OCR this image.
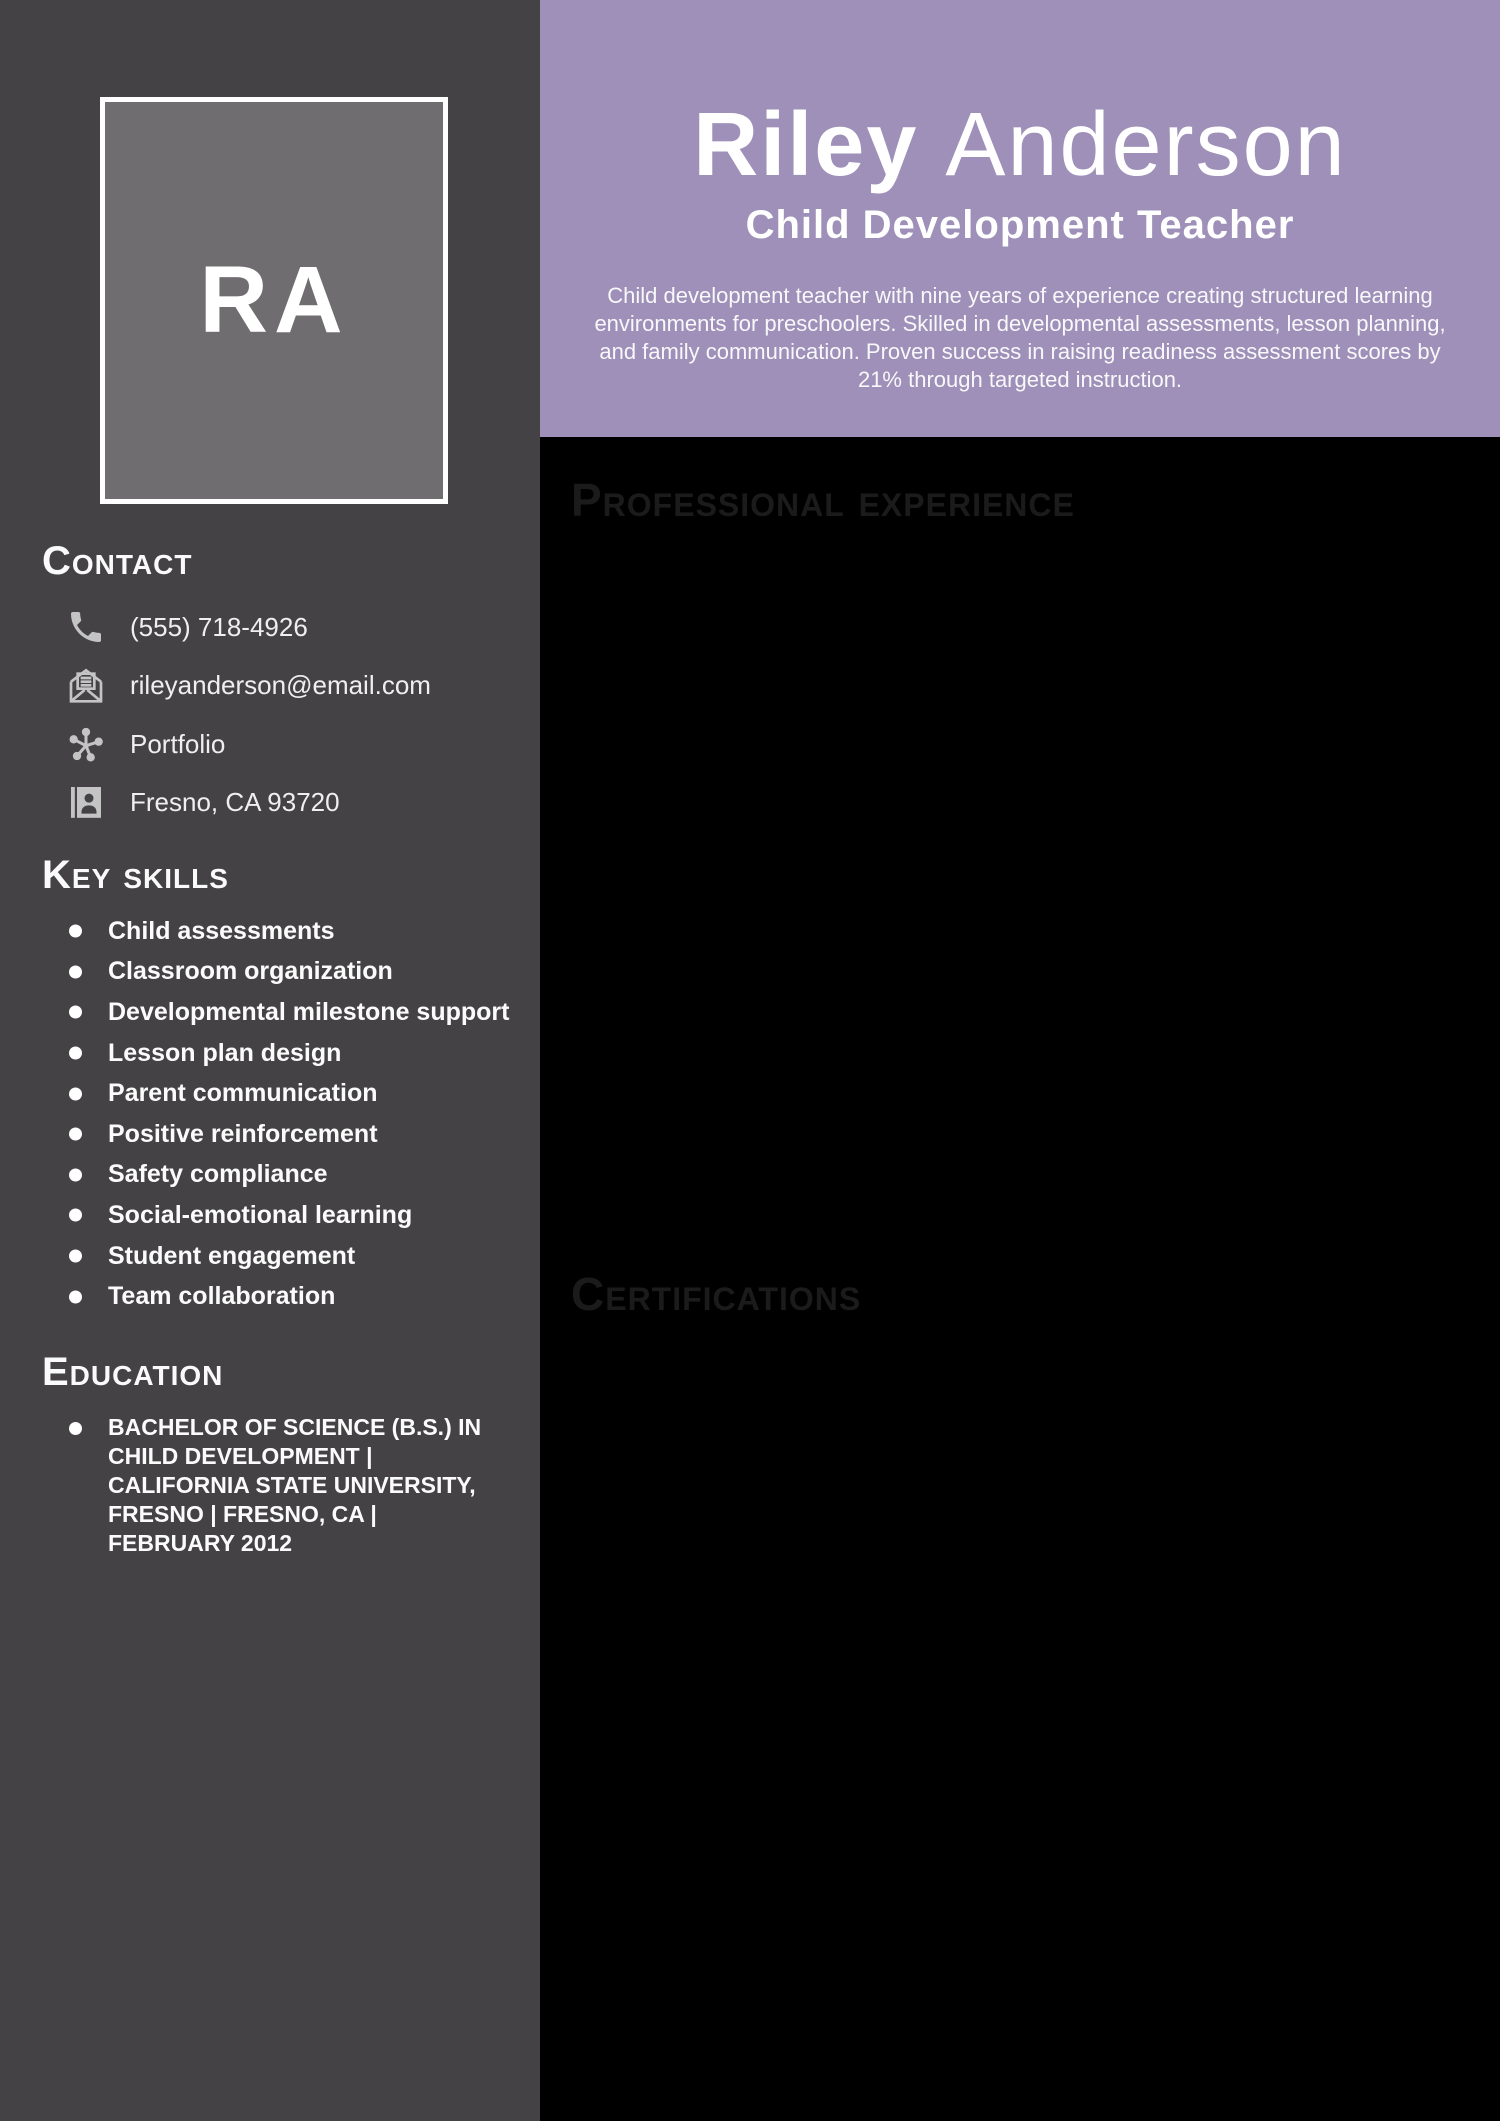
RA
Contact
(555) 718-4926
rileyanderson@email.com
Portfolio
Fresno, CA 93720
Key skills
Child assessments
Classroom organization
Developmental milestone support
Lesson plan design
Parent communication
Positive reinforcement
Safety compliance
Social-emotional learning
Student engagement
Team collaboration
Education
BACHELOR OF SCIENCE (B.S.) IN CHILD DEVELOPMENT | CALIFORNIA STATE UNIVERSITY, FRESNO | FRESNO, CA | FEBRUARY 2012
Riley Anderson
Child Development Teacher

Child development teacher with nine years of experience creating structured learning environments for preschoolers. Skilled in developmental assessments, lesson planning, and family communication. Proven success in raising readiness assessment scores by 21% through targeted instruction.

Professional experience
Certifications
